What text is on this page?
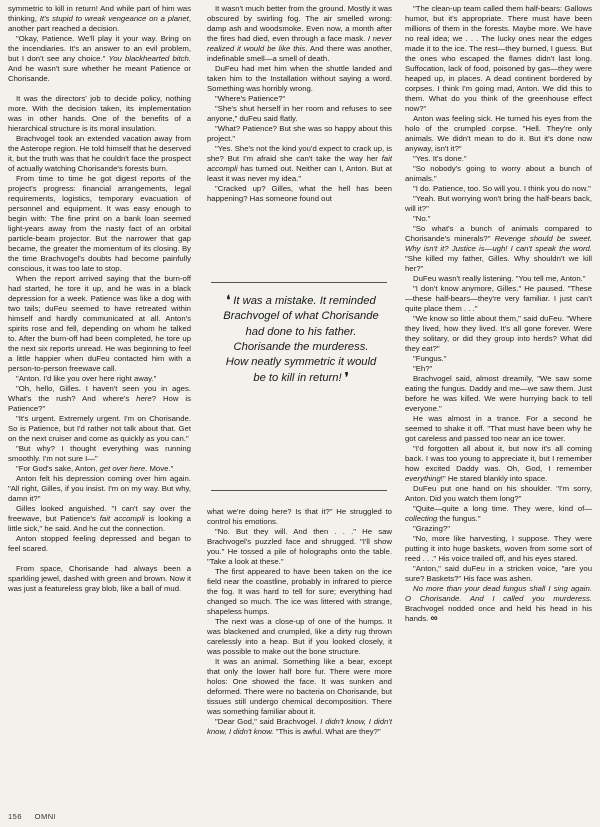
symmetric to kill in return! And while part of him was thinking, It's stupid to wreak vengeance on a planet, another part reached a decision.

"Okay, Patience. We'll play it your way. Bring on the incendiaries. It's an answer to an evil problem, but I don't see any choice." You blackhearted bitch. And he wasn't sure whether he meant Patience or Chorisande.

It was the directors' job to decide policy, nothing more. With the decision taken, its implementation was in other hands. One of the benefits of a hierarchical structure is its moral insulation.

Brachvogel took an extended vacation away from the Asterope region. He told himself that he deserved it, but the truth was that he couldn't face the prospect of actually watching Chorisande's forests burn.

From time to time he got digest reports of the project's progress: financial arrangements, legal requirements, logistics, temporary evacuation of personnel and equipment. It was easy enough to begin with: The fine print on a bank loan seemed light-years away from the nasty fact of an orbital particle-beam projector. But the narrower that gap became, the greater the momentum of its closing. By the time Brachvogel's doubts had become painfully conscious, it was too late to stop.

When the report arrived saying that the burn-off had started, he tore it up, and he was in a black depression for a week. Patience was like a dog with two tails; duFeu seemed to have retreated within himself and hardly communicated at all. Anton's spirits rose and fell, depending on whom he talked to. After the burn-off had been completed, he tore up the next six reports unread. He was beginning to feel a little happier when duFeu contacted him with a person-to-person freewave call.

"Anton. I'd like you over here right away."

"Oh, hello, Gilles. I haven't seen you in ages. What's the rush? And where's here? How is Patience?"

"It's urgent. Extremely urgent. I'm on Chorisande. So is Patience, but I'd rather not talk about that. Get on the next cruiser and come as quickly as you can."

"But why? I thought everything was running smoothly. I'm not sure I—"

"For God's sake, Anton, get over here. Move."

Anton felt his depression coming over him again. "All right, Gilles, if you insist. I'm on my way. But why, damn it?"

Gilles looked anguished. "I can't say over the freewave, but Patience's fait accompli is looking a little sick," he said. And he cut the connection.

Anton stopped feeling depressed and began to feel scared.

From space, Chorisande had always been a sparkling jewel, dashed with green and brown. Now it was just a featureless gray blob, like a ball of mud.

It wasn't much better from the ground. Mostly it was obscured by swirling fog. The air smelled wrong: damp ash and woodsmoke. Even now, a month after the fires had died, even through a face mask. I never realized it would be like this. And there was another, indefinable smell—a smell of death.

DuFeu had met him when the shuttle landed and taken him to the Installation without saying a word. Something was horribly wrong.

"Where's Patience?"

"She's shut herself in her room and refuses to see anyone," duFeu said flatly.

"What? Patience? But she was so happy about this project."

"Yes. She's not the kind you'd expect to crack up, is she? But I'm afraid she can't take the way her fait accompli has turned out. Neither can I, Anton. But at least it was never my idea."

"Cracked up? Gilles, what the hell has been happening? Has someone found out

what we're doing here? Is that it?" He struggled to control his emotions.

"No. But they will. And then . . ." He saw Brachvogel's puzzled face and shrugged. "I'll show you." He tossed a pile of holographs onto the table. "Take a look at these."

The first appeared to have been taken on the ice field near the coastline, probably in infrared to pierce the fog. It was hard to tell for sure; everything had changed so much. The ice was littered with strange, shapeless humps.

The next was a close-up of one of the humps. It was blackened and crumpled, like a dirty rug thrown carelessly into a heap. But if you looked closely, it was possible to make out the bone structure.

It was an animal. Something like a bear, except that only the lower half bore fur. There were more holos: One showed the face. It was sunken and deformed. There were no bacteria on Chorisande, but tissues still undergo chemical decomposition. There was something familiar about it.

"Dear God," said Brachvogel. I didn't know, I didn't know, I didn't know. "This is awful. What are they?"

❛ It was a mistake. It reminded Brachvogel of what Chorisande had done to his father. Chorisande the murderess. How neatly symmetric it would be to kill in return! ❜

"The clean-up team called them half-bears: Gallows humor, but it's appropriate. There must have been millions of them in the forests. Maybe more. We have no real idea; we . . . The lucky ones near the edges made it to the ice. The rest—they burned, I guess. But the ones who escaped the flames didn't last long. Suffocation, lack of food, poisoned by gas—they were heaped up, in places. A dead continent bordered by corpses. I think I'm going mad, Anton. We did this to them. What do you think of the greenhouse effect now?"

Anton was feeling sick. He turned his eyes from the holo of the crumpled corpse. "Hell. They're only animals. We didn't mean to do it. But it's done now anyway, isn't it?"

"Yes. It's done."

"So nobody's going to worry about a bunch of animals."

"I do. Patience, too. So will you. I think you do now."

"Yeah. But worrying won't bring the half-bears back, will it?"

"No."

"So what's a bunch of animals compared to Chorisande's minerals?" Revenge should be sweet. Why isn't it? Justice is—ugh! I can't speak the word. "She killed my father, Gilles. Why shouldn't we kill her?"

DuFeu wasn't really listening. "You tell me, Anton."

"I don't know anymore, Gilles." He paused. "These—these half-bears—they're very familiar. I just can't quite place them . . ."

"We know so little about them," said duFeu. "Where they lived, how they lived. It's all gone forever. Were they solitary, or did they group into herds? What did they eat?"

"Fungus."

"Eh?"

Brachvogel said, almost dreamily, "We saw some eating the fungus. Daddy and me—we saw them. Just before he was killed. We were hurrying back to tell everyone."

He was almost in a trance. For a second he seemed to shake it off. "That must have been why he got careless and passed too near an ice tower.

"I'd forgotten all about it, but now it's all coming back. I was too young to appreciate it, but I remember how excited Daddy was. Oh, God, I remember everything!" He stared blankly into space.

DuFeu put one hand on his shoulder. "I'm sorry, Anton. Did you watch them long?"

"Quite—quite a long time. They were, kind of—collecting the fungus."

"Grazing?"

"No, more like harvesting, I suppose. They were putting it into huge baskets, woven from some sort of reed . . ." His voice trailed off, and his eyes stared.

"Anton," said duFeu in a stricken voice, "are you sure? Baskets?" His face was ashen.

No more than your dead fungus shall I sing again. O Chorisande. And I called you murderess. Brachvogel nodded once and held his head in his hands. ∞

156 OMNI
